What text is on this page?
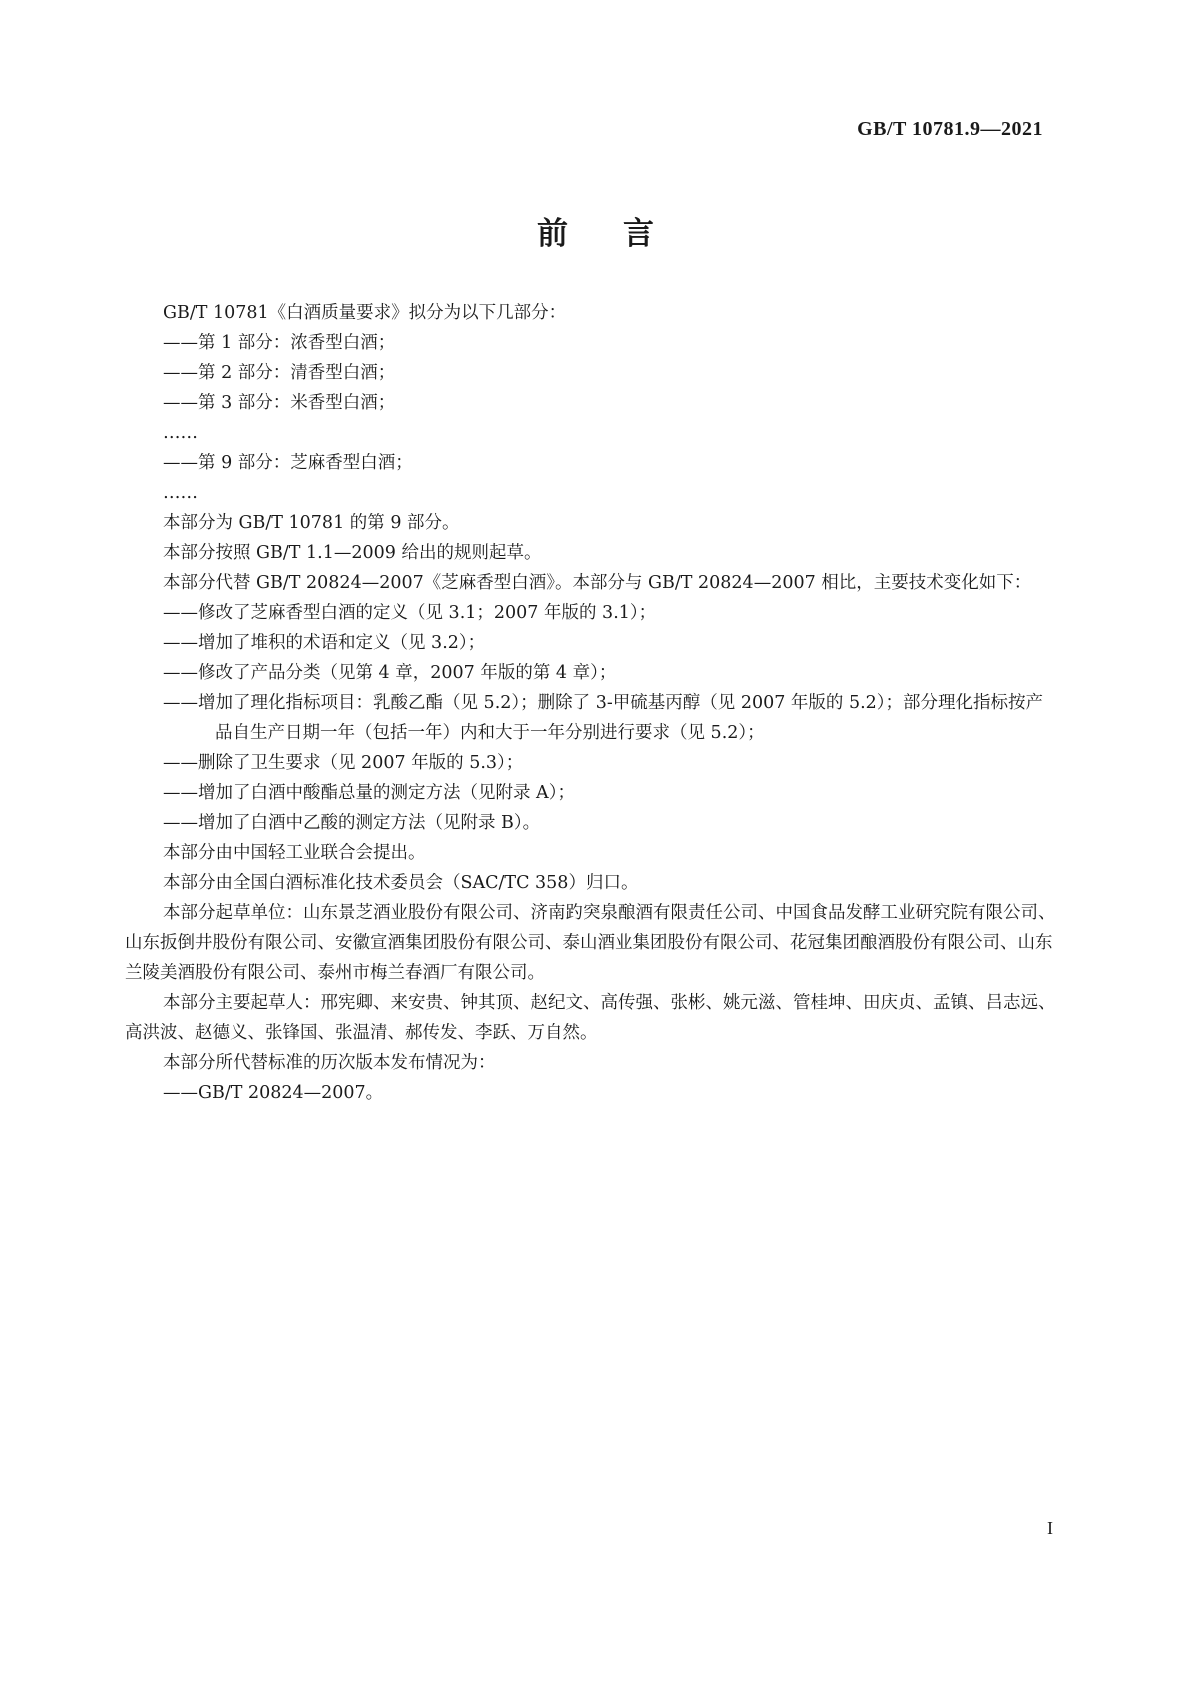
GB/T 10781.9—2021
前言

GB/T 10781《白酒质量要求》拟分为以下几部分：

——第 1 部分：浓香型白酒；

——第 2 部分：清香型白酒；

——第 3 部分：米香型白酒；

……

——第 9 部分：芝麻香型白酒；

……

本部分为 GB/T 10781 的第 9 部分。

本部分按照 GB/T 1.1—2009 给出的规则起草。

本部分代替 GB/T 20824—2007《芝麻香型白酒》。本部分与 GB/T 20824—2007 相比，主要技术变化如下：

——修改了芝麻香型白酒的定义（见 3.1；2007 年版的 3.1）；

——增加了堆积的术语和定义（见 3.2）；

——修改了产品分类（见第 4 章，2007 年版的第 4 章）；

——增加了理化指标项目：乳酸乙酯（见 5.2）；删除了 3-甲硫基丙醇（见 2007 年版的 5.2）；部分理化指标按产品自生产日期一年（包括一年）内和大于一年分别进行要求（见 5.2）；

——删除了卫生要求（见 2007 年版的 5.3）；

——增加了白酒中酸酯总量的测定方法（见附录 A）；

——增加了白酒中乙酸的测定方法（见附录 B）。

本部分由中国轻工业联合会提出。

本部分由全国白酒标准化技术委员会（SAC/TC 358）归口。

本部分起草单位：山东景芝酒业股份有限公司、济南趵突泉酿酒有限责任公司、中国食品发酵工业研究院有限公司、山东扳倒井股份有限公司、安徽宣酒集团股份有限公司、泰山酒业集团股份有限公司、花冠集团酿酒股份有限公司、山东兰陵美酒股份有限公司、泰州市梅兰春酒厂有限公司。

本部分主要起草人：邢宪卿、来安贵、钟其顶、赵纪文、高传强、张彬、姚元滋、管桂坤、田庆贞、孟镇、吕志远、高洪波、赵德义、张锋国、张温清、郝传发、李跃、万自然。

本部分所代替标准的历次版本发布情况为：

——GB/T 20824—2007。

I
